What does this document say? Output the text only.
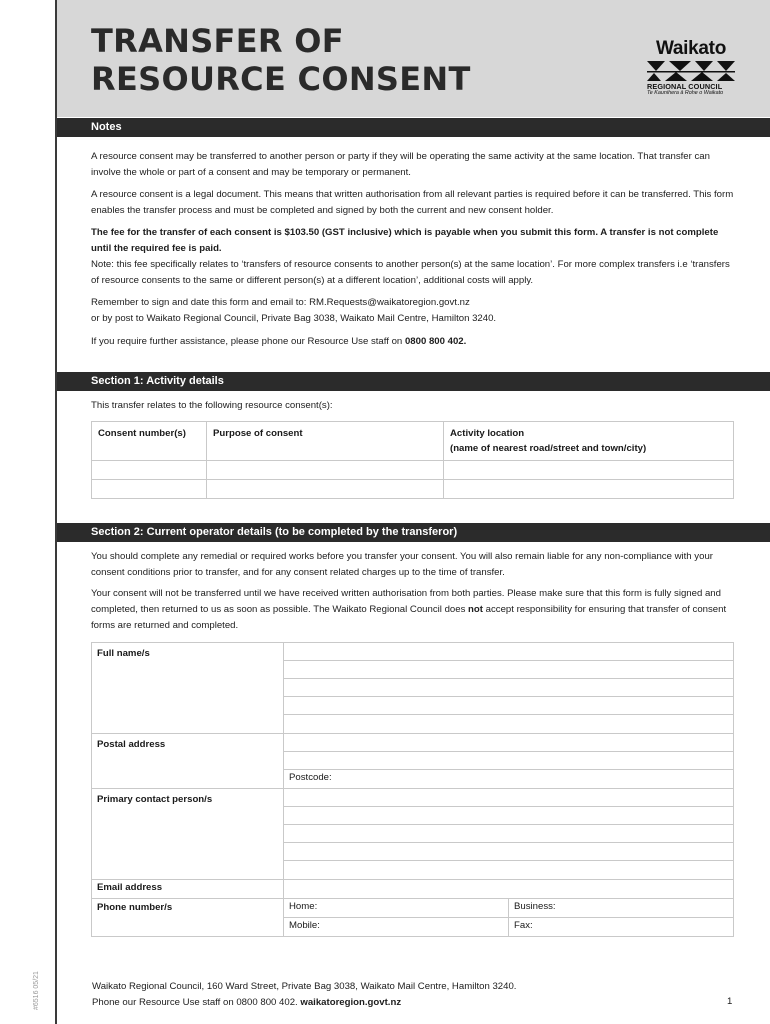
TRANSFER OF
RESOURCE CONSENT
Waikato
REGIONAL COUNCIL
Te Kaunihera ā Rohe o Waikato
Notes
A resource consent may be transferred to another person or party if they will be operating the same activity at the same location. That transfer can involve the whole or part of a consent and may be temporary or permanent.
A resource consent is a legal document. This means that written authorisation from all relevant parties is required before it can be transferred. This form enables the transfer process and must be completed and signed by both the current and new consent holder.
The fee for the transfer of each consent is $103.50 (GST inclusive) which is payable when you submit this form. A transfer is not complete until the required fee is paid.
Note: this fee specifically relates to ‘transfers of resource consents to another person(s) at the same location’. For more complex transfers i.e ‘transfers of resource consents to the same or different person(s) at a different location’, additional costs will apply.
Remember to sign and date this form and email to: RM.Requests@waikatoregion.govt.nz
or by post to Waikato Regional Council, Private Bag 3038, Waikato Mail Centre, Hamilton 3240.
If you require further assistance, please phone our Resource Use staff on 0800 800 402.
Section 1: Activity details
This transfer relates to the following resource consent(s):
Consent number(s)	Purpose of consent	Activity location
(name of nearest road/street and town/city)

Section 2: Current operator details (to be completed by the transferor)
You should complete any remedial or required works before you transfer your consent. You will also remain liable for any non-compliance with your consent conditions prior to transfer, and for any consent related charges up to the time of transfer.
Your consent will not be transferred until we have received written authorisation from both parties. Please make sure that this form is fully signed and completed, then returned to us as soon as possible. The Waikato Regional Council does not accept responsibility for ensuring that transfer of consent forms are returned and completed.
Full name/s
Postal address
Postcode:
Primary contact person/s
Email address
Phone number/s	Home:	Business:
Mobile:	Fax:
Waikato Regional Council, 160 Ward Street, Private Bag 3038, Waikato Mail Centre, Hamilton 3240.
Phone our Resource Use staff on 0800 800 402. waikatoregion.govt.nz	1
#6516 05/21
